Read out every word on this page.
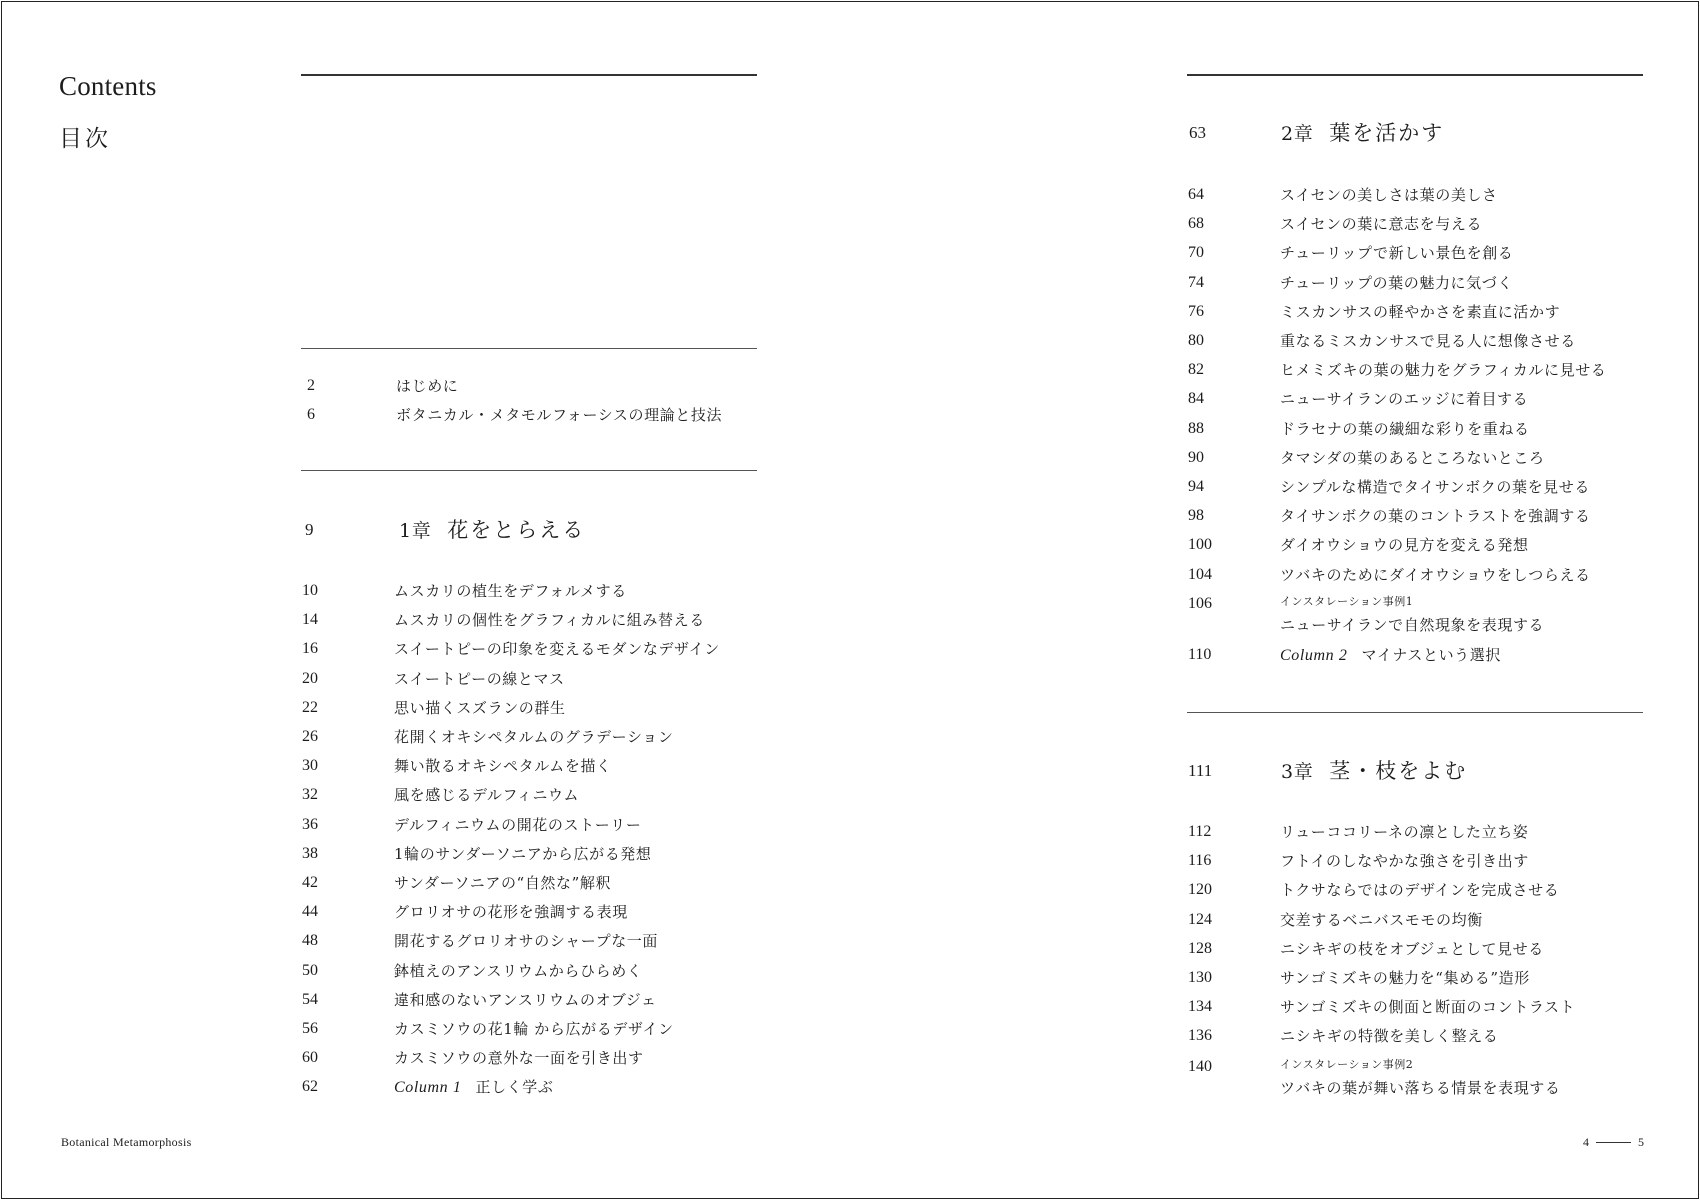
Contents
目次
2	はじめに
6	ボタニカル・メタモルフォーシスの理論と技法
9	1章 花をとらえる
10	ムスカリの植生をデフォルメする
14	ムスカリの個性をグラフィカルに組み替える
16	スイートピーの印象を変えるモダンなデザイン
20	スイートピーの線とマス
22	思い描くスズランの群生
26	花開くオキシペタルムのグラデーション
30	舞い散るオキシペタルムを描く
32	風を感じるデルフィニウム
36	デルフィニウムの開花のストーリー
38	1輪のサンダーソニアから広がる発想
42	サンダーソニアの“自然な”解釈
44	グロリオサの花形を強調する表現
48	開花するグロリオサのシャープな一面
50	鉢植えのアンスリウムからひらめく
54	違和感のないアンスリウムのオブジェ
56	カスミソウの花1輪 から広がるデザイン
60	カスミソウの意外な一面を引き出す
62	Column 1 正しく学ぶ
63	2章 葉を活かす
64	スイセンの美しさは葉の美しさ
68	スイセンの葉に意志を与える
70	チューリップで新しい景色を創る
74	チューリップの葉の魅力に気づく
76	ミスカンサスの軽やかさを素直に活かす
80	重なるミスカンサスで見る人に想像させる
82	ヒメミズキの葉の魅力をグラフィカルに見せる
84	ニューサイランのエッジに着目する
88	ドラセナの葉の繊細な彩りを重ねる
90	タマシダの葉のあるところないところ
94	シンプルな構造でタイサンボクの葉を見せる
98	タイサンボクの葉のコントラストを強調する
100	ダイオウショウの見方を変える発想
104	ツバキのためにダイオウショウをしつらえる
106	インスタレーション事例1
ニューサイランで自然現象を表現する
110	Column 2 マイナスという選択
111	3章 茎・枝をよむ
112	リューココリーネの凛とした立ち姿
116	フトイのしなやかな強さを引き出す
120	トクサならではのデザインを完成させる
124	交差するベニバスモモの均衡
128	ニシキギの枝をオブジェとして見せる
130	サンゴミズキの魅力を“集める”造形
134	サンゴミズキの側面と断面のコントラスト
136	ニシキギの特徴を美しく整える
140	インスタレーション事例2
ツバキの葉が舞い落ちる情景を表現する
Botanical Metamorphosis	4	5
